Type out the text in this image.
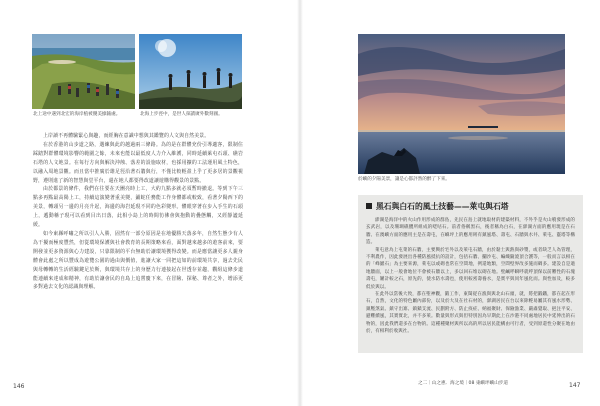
北上途中遇到北宏的海岸植被優美綠隨處。	北海上步徑中，是世人探讀廣外數刻國。

上岸讀不再體驗緊心與趣，而經胸在意識中想與其鑑覽的人文與自然美景。

在於香港的山步道之路，邁練與此的越過兩三條路。為的是在群體充份引導適客，限制住踩踏對群體環境影響的範圍之餘，未來也能以最低度人力介入維護，同時延續萊屯石頭、礁岩石塔的人文地景。在每行方向與解決沖蝕、落差的設施取材，也採用擴的工法運用風土特色，以融入周地景觀。而且當中推廣於雄足徑沿著石牆與行，不僅比較輕盈上乎了更多居的景觀視野，遵則進了新的智慧與堂平台，還在地人都要得改道讓遊購得觀景的景點。

由於都景的條件，我們在往要在天團亮時上工，大約九點多就必須暫時撤退。等到下午三點多再點最高陽上工，持續這演變著重美變，鋪蛇任務能工作身體都或較致，看著夕陽西下的美景，轉頭另一邊的月亮升起，海邊的海岩延現不同的色彩變形。體眼穿著在步入手生的石頭上，遞動稱子現可以看到目出日落，此相小島上的時間彷彿會與抱動的疊態觸，又經靜謐延緩。

如今東縣呼嘯之所以引人入勝，固然有一部分原因是在地優勝天落多年，自然生態少有人為干擾而極度豐然，但從環境保護與社會教育的長期策略來看，面對越來越多的遊客前來，要開發並更多資源與心力建設，只靠限制的平台無助於讓環境獲得改變。而是應當讓更多人親身體會此處之所以豐成為遊覽公園的過由與價值，進讓大家一同把這如的前環境共享，過去先民與母轉轉的生活經驗鍵足於斯，與環境共存上的身歷力行連接起在世透存並趨，觀組這條步道能連續來達成和精神，有助於讓會民的自島上追嘗慶下來，在冒險、探秘、尊者之外，增添更多對過去文化的認識與理解。

146
於嶼的夕陽美景，讓是心都評然的醉了下來。
黑石與白石的風土技藝——萊屯與石塔

澎湖是海洋中的火山作用形成的群島，先民在島上就地取材的建築材料，不外乎是火山噴發形成的玄武岩，以及珊瑚礁體所組成的咾咕石。前者俗稱黑石，後者稱為白石，在澎湖方面的應用現是在石牆、在澳嶼方面的應用主是在壽屯，在嶼坪上的應用則有鎮風塔、壽屯、石牆與水井、萊屯、靈塔等構造。

萊屯意為上屯菜的石牆，主要興於宅外以及萊屯石牆，由於黏土與熱與砂漿，或者缺乏人為管理，不利農作，因此發展出各種防風抵抗的設計，包括石牆、攔沙屯、編織隨澆頂合護等，一般而言以相在的「峰巖石」為主要來源，萊屯以或砌也常在空間地，例還地類，空間壁界改多施而碉多。建設自是適地牆面，以上一般會地位不會被石牆以上，多以回石堆以砌在地。壁鹹呼瞬呼就呼頂保以前難性的石塊壽屯，屢計較之石，原先的，使水防水壽也，使用較密壽養水，是實平與同年風化而。與性加及，較多低於與以。

在此外以當後大致，都在聖神觀，鍛工作，東閩從在漁與與北山石頭，就，將把鍛鐵，都在起在形石，自然，文化的特色屬內部份，以及於大及在社石材的，澎湖居民在台以來除輕易屬其有風水形勢、鎮壓煞氣、鎮守出寨、鎮鎖支流、民劃附方、防止疫症、納福聚財、保險漁業、嚴肅覺取、挹注平安、避難續風，其實實北，并不多萊。數量與形式與但特別因為早期此上在沙港不同處地居民中延伸出的石物的，因此我們還多在台物的。這種種聚材與所以高的所以居民能構由可行者，受到原還性分聚在地由於，有相利於收與社。

之二｜山之惠．海之境｜08 東嶼坪嶼山步道	147
